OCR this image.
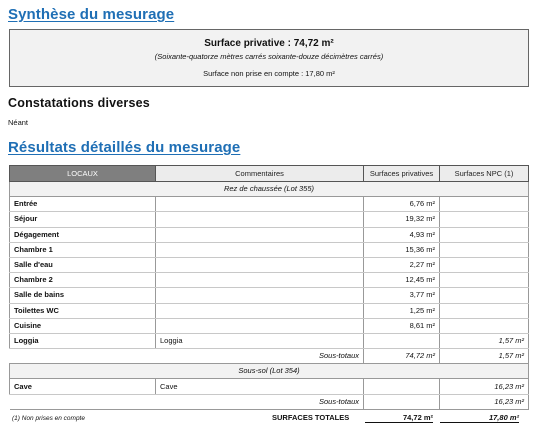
Synthèse du mesurage
Surface privative : 74,72 m²
(Soixante-quatorze mètres carrés soixante-douze décimètres carrés)
Surface non prise en compte : 17,80 m²
Constatations diverses
Néant
Résultats détaillés du mesurage
LOCAUX	Commentaires	Surfaces privatives	Surfaces NPC (1)
Rez de chaussée (Lot 355)			
Entrée		6,76 m²	
Séjour		19,32 m²	
Dégagement		4,93 m²	
Chambre 1		15,36 m²	
Salle d'eau		2,27 m²	
Chambre 2		12,45 m²	
Salle de bains		3,77 m²	
Toilettes WC		1,25 m²	
Cuisine		8,61 m²	
Loggia	Loggia		1,57 m²
	Sous-totaux	74,72 m²	1,57 m²
Sous-sol (Lot 354)			
Cave	Cave		16,23 m²
	Sous-totaux		16,23 m²
(1) Non prises en compte	SURFACES TOTALES	74,72 m²	17,80 m²
